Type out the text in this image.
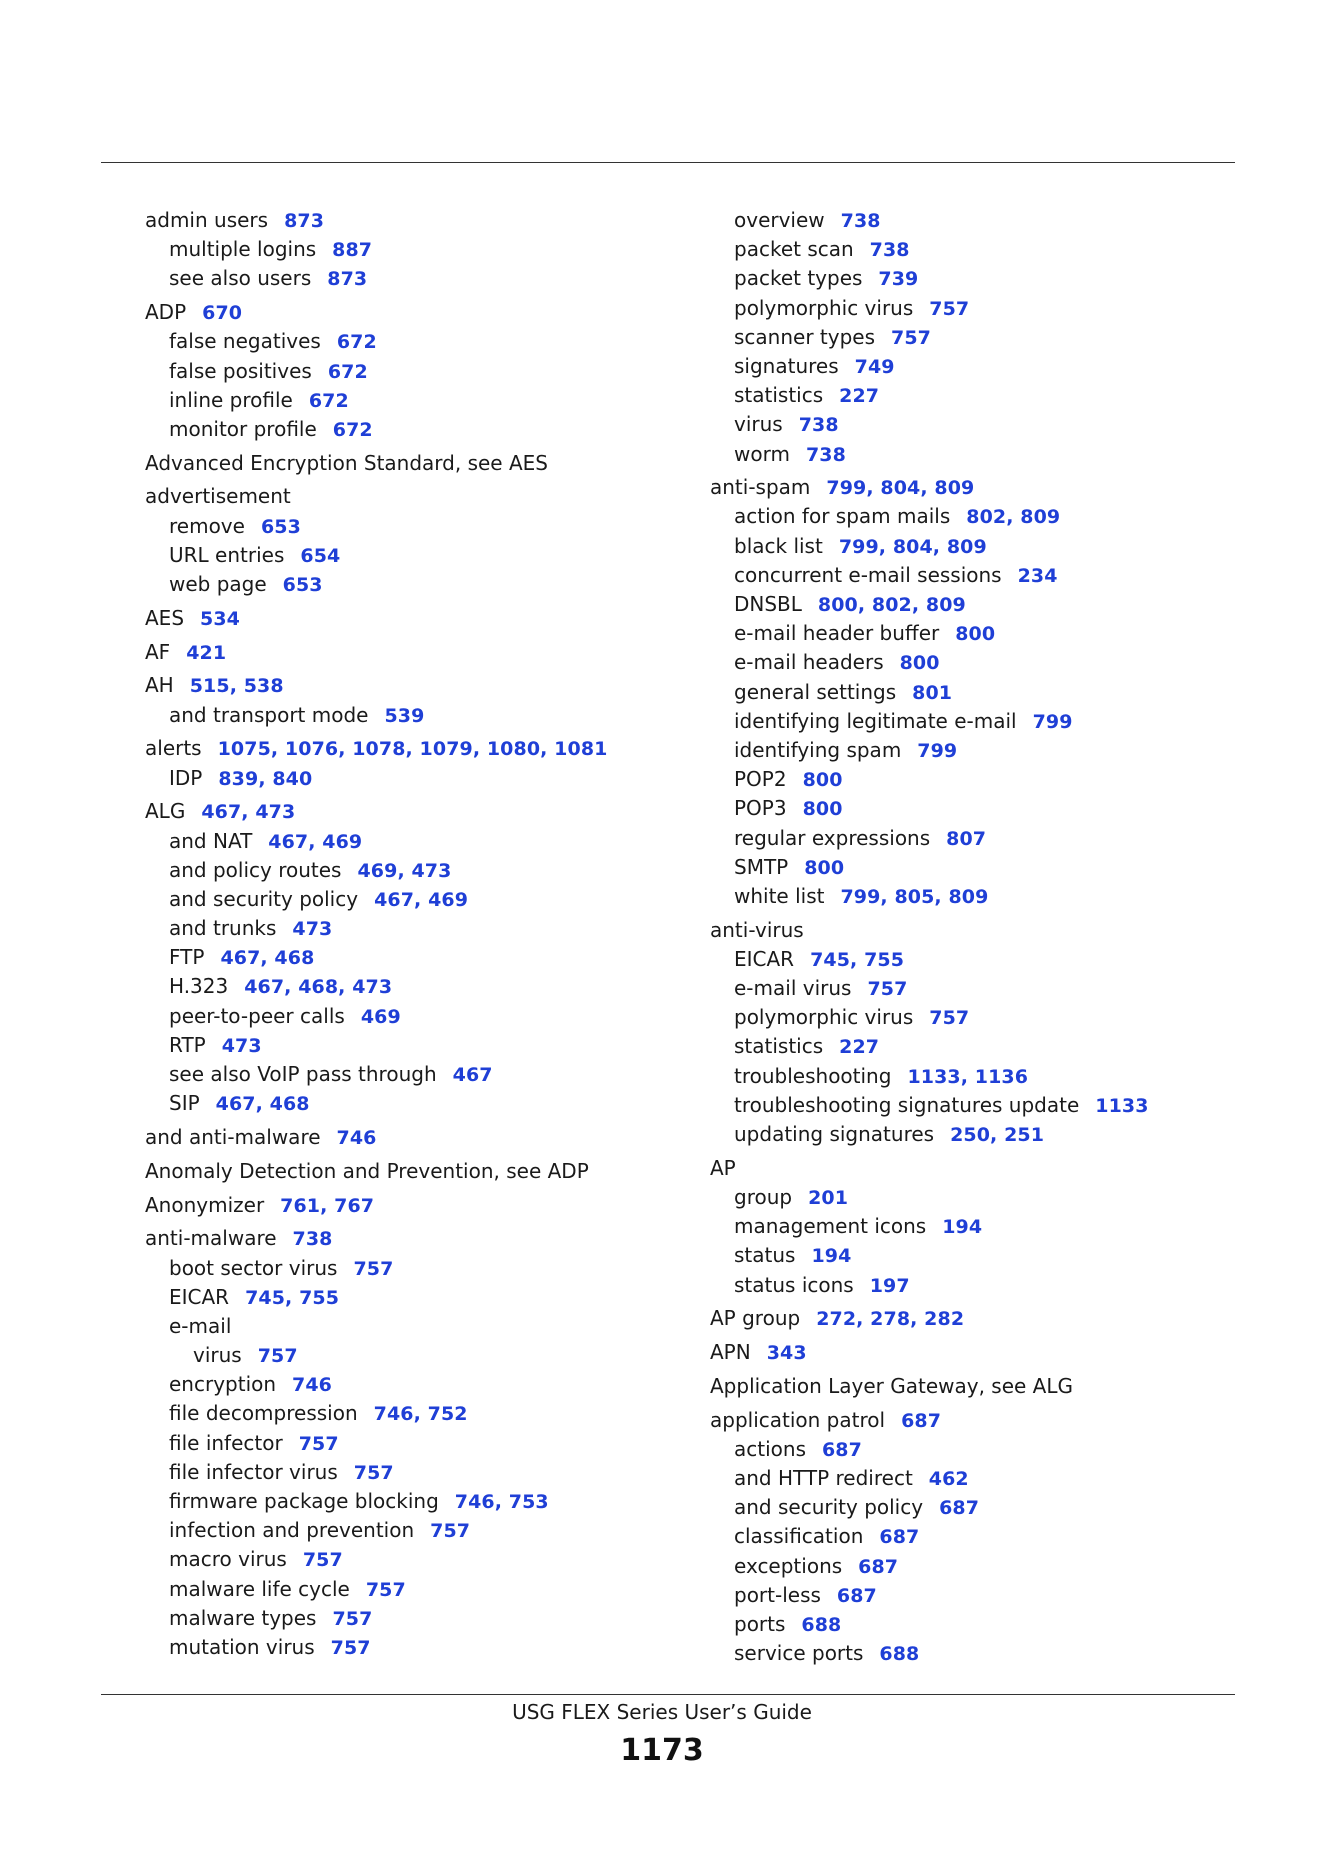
admin users 873
multiple logins 887
see also users 873
ADP 670
false negatives 672
false positives 672
inline profile 672
monitor profile 672
Advanced Encryption Standard, see AES
advertisement
remove 653
URL entries 654
web page 653
AES 534
AF 421
AH 515, 538
and transport mode 539
alerts 1075, 1076, 1078, 1079, 1080, 1081
IDP 839, 840
ALG 467, 473
and NAT 467, 469
and policy routes 469, 473
and security policy 467, 469
and trunks 473
FTP 467, 468
H.323 467, 468, 473
peer-to-peer calls 469
RTP 473
see also VoIP pass through 467
SIP 467, 468
and anti-malware 746
Anomaly Detection and Prevention, see ADP
Anonymizer 761, 767
anti-malware 738
boot sector virus 757
EICAR 745, 755
e-mail
virus 757
encryption 746
file decompression 746, 752
file infector 757
file infector virus 757
firmware package blocking 746, 753
infection and prevention 757
macro virus 757
malware life cycle 757
malware types 757
mutation virus 757
overview 738
packet scan 738
packet types 739
polymorphic virus 757
scanner types 757
signatures 749
statistics 227
virus 738
worm 738
anti-spam 799, 804, 809
action for spam mails 802, 809
black list 799, 804, 809
concurrent e-mail sessions 234
DNSBL 800, 802, 809
e-mail header buffer 800
e-mail headers 800
general settings 801
identifying legitimate e-mail 799
identifying spam 799
POP2 800
POP3 800
regular expressions 807
SMTP 800
white list 799, 805, 809
anti-virus
EICAR 745, 755
e-mail virus 757
polymorphic virus 757
statistics 227
troubleshooting 1133, 1136
troubleshooting signatures update 1133
updating signatures 250, 251
AP
group 201
management icons 194
status 194
status icons 197
AP group 272, 278, 282
APN 343
Application Layer Gateway, see ALG
application patrol 687
actions 687
and HTTP redirect 462
and security policy 687
classification 687
exceptions 687
port-less 687
ports 688
service ports 688
USG FLEX Series User’s Guide
1173
